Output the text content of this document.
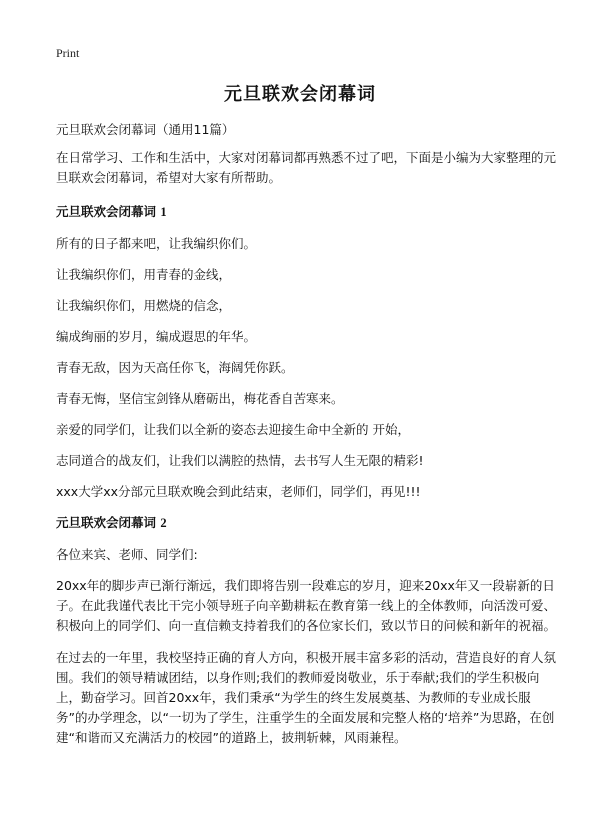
Print
元旦联欢会闭幕词

元旦联欢会闭幕词（通用11篇）

在日常学习、工作和生活中，大家对闭幕词都再熟悉不过了吧，下面是小编为大家整理的元旦联欢会闭幕词，希望对大家有所帮助。

元旦联欢会闭幕词 1

所有的日子都来吧，让我编织你们。

让我编织你们，用青春的金线，

让我编织你们，用燃烧的信念，

编成绚丽的岁月，编成遐思的年华。

青春无敌，因为天高任你飞，海阔凭你跃。

青春无悔，坚信宝剑锋从磨砺出，梅花香自苦寒来。

亲爱的同学们，让我们以全新的姿态去迎接生命中全新的 开始，

志同道合的战友们，让我们以满腔的热情，去书写人生无限的精彩!

xxx大学xx分部元旦联欢晚会到此结束，老师们，同学们，再见!!!

元旦联欢会闭幕词 2

各位来宾、老师、同学们:

20xx年的脚步声已渐行渐远，我们即将告别一段难忘的岁月，迎来20xx年又一段崭新的日子。在此我谨代表比干完小领导班子向辛勤耕耘在教育第一线上的全体教师，向活泼可爱、积极向上的同学们、向一直信赖支持着我们的各位家长们，致以节日的问候和新年的祝福。

在过去的一年里，我校坚持正确的育人方向，积极开展丰富多彩的活动，营造良好的育人氛围。我们的领导精诚团结，以身作则;我们的教师爱岗敬业，乐于奉献;我们的学生积极向上，勤奋学习。回首20xx年，我们秉承“为学生的终生发展奠基、为教师的专业成长服务”的办学理念，以“一切为了学生，注重学生的全面发展和完整人格的‘培养”为思路，在创建“和谐而又充满活力的校园”的道路上，披荆斩棘，风雨兼程。
